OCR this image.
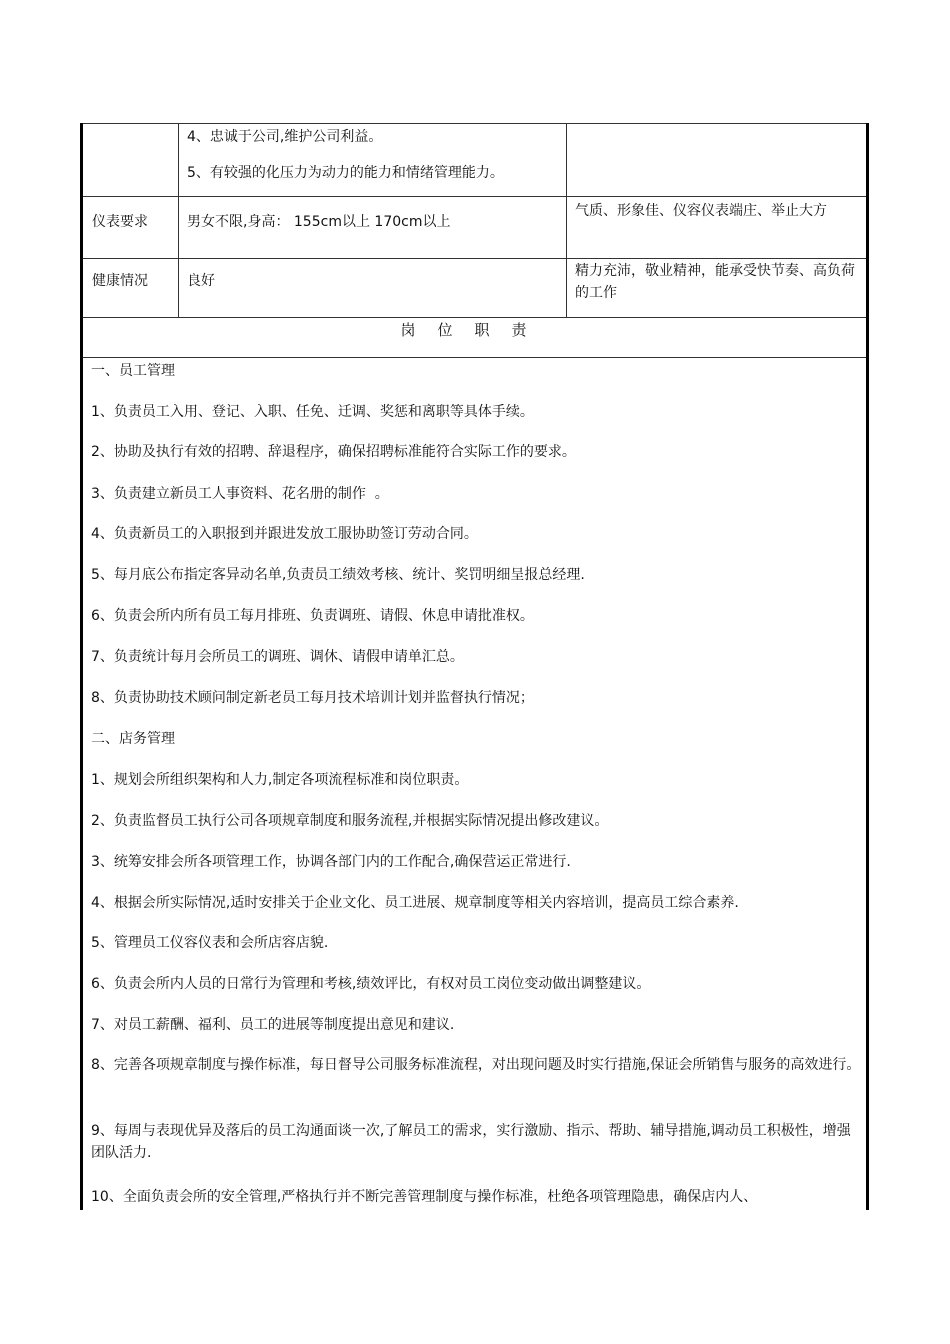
4、忠诚于公司,维护公司利益。
5、有较强的化压力为动力的能力和情绪管理能力。
仪表要求	男女不限,身高： 155cm以上 170cm以上
气质、形象佳、仪容仪表端庄、举止大方
健康情况	良好
精力充沛，敬业精神，能承受快节奏、高负荷的工作
岗位职责
一、员工管理
1、负责员工入用、登记、入职、任免、迁调、奖惩和离职等具体手续。
2、协助及执行有效的招聘、辞退程序，确保招聘标准能符合实际工作的要求。
3、负责建立新员工人事资料、花名册的制作  。
4、负责新员工的入职报到并跟进发放工服协助签订劳动合同。
5、每月底公布指定客异动名单,负责员工绩效考核、统计、奖罚明细呈报总经理.
6、负责会所内所有员工每月排班、负责调班、请假、休息申请批准权。
7、负责统计每月会所员工的调班、调休、请假申请单汇总。
8、负责协助技术顾问制定新老员工每月技术培训计划并监督执行情况；
二、店务管理
1、规划会所组织架构和人力,制定各项流程标准和岗位职责。
2、负责监督员工执行公司各项规章制度和服务流程,并根据实际情况提出修改建议。
3、统筹安排会所各项管理工作，协调各部门内的工作配合,确保营运正常进行.
4、根据会所实际情况,适时安排关于企业文化、员工进展、规章制度等相关内容培训，提高员工综合素养.
5、管理员工仪容仪表和会所店容店貌.
6、负责会所内人员的日常行为管理和考核,绩效评比，有权对员工岗位变动做出调整建议。
7、对员工薪酬、福利、员工的进展等制度提出意见和建议.
8、完善各项规章制度与操作标准，每日督导公司服务标准流程，对出现问题及时实行措施,保证会所销售与服务的高效进行。
9、每周与表现优异及落后的员工沟通面谈一次,了解员工的需求，实行激励、指示、帮助、辅导措施,调动员工积极性，增强团队活力.
10、全面负责会所的安全管理,严格执行并不断完善管理制度与操作标准，杜绝各项管理隐患，确保店内人、
